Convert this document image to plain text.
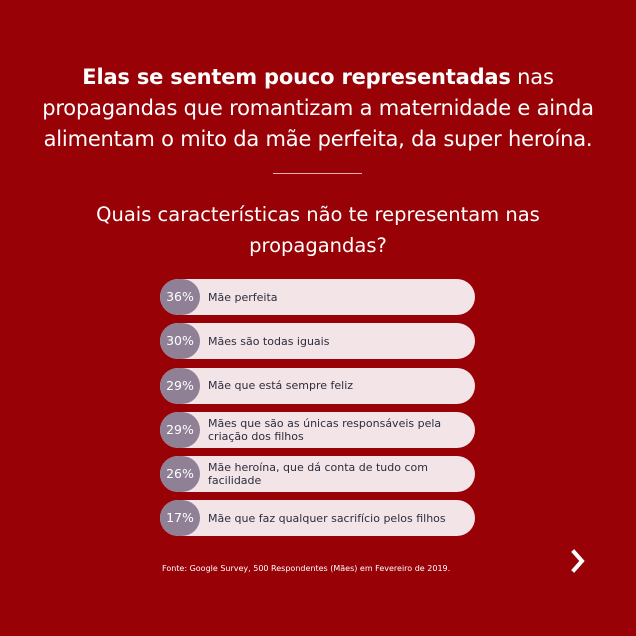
Elas se sentem pouco representadas nas propagandas que romantizam a maternidade e ainda alimentam o mito da mãe perfeita, da super heroína.
Quais características não te representam nas propagandas?
36%	Mãe perfeita
30%	Mães são todas iguais
29%	Mãe que está sempre feliz
29%	Mães que são as únicas responsáveis pela criação dos filhos
26%	Mãe heroína, que dá conta de tudo com facilidade
17%	Mãe que faz qualquer sacrifício pelos filhos
Fonte: Google Survey, 500 Respondentes (Mães) em Fevereiro de 2019.
